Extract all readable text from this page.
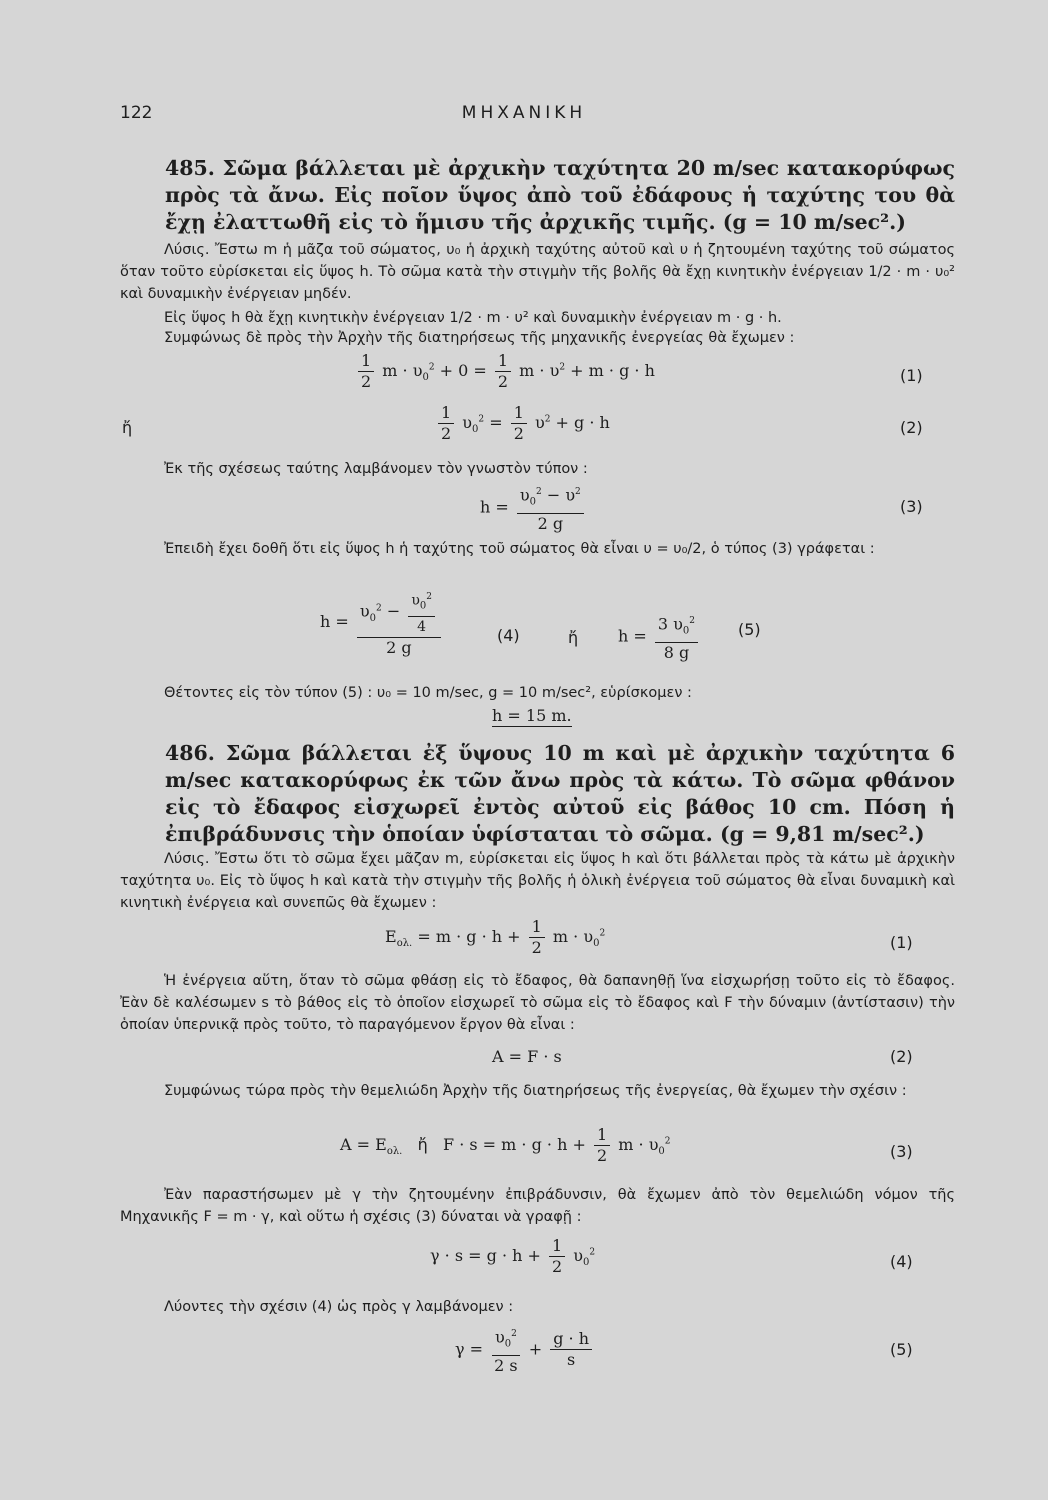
122	ΜΗΧΑΝΙΚΗ
485. Σῶμα βάλλεται μὲ ἀρχικὴν ταχύτητα 20 m/sec κατακορύφως πρὸς τὰ ἄνω. Εἰς ποῖον ὕψος ἀπὸ τοῦ ἐδάφους ἡ ταχύτης του θὰ ἔχῃ ἐλαττωθῆ εἰς τὸ ἥμισυ τῆς ἀρχικῆς τιμῆς. (g = 10 m/sec².)
Λύσις. Ἔστω m ἡ μᾶζα τοῦ σώματος, υ₀ ἡ ἀρχικὴ ταχύτης αὐτοῦ καὶ υ ἡ ζητουμένη ταχύτης τοῦ σώματος ὅταν τοῦτο εὑρίσκεται εἰς ὕψος h. Τὸ σῶμα κατὰ τὴν στιγμὴν τῆς βολῆς θὰ ἔχῃ κινητικὴν ἐνέργειαν 1/2 · m · υ₀² καὶ δυναμικὴν ἐνέργειαν μηδέν.
Εἰς ὕψος h θὰ ἔχῃ κινητικὴν ἐνέργειαν 1/2 · m · υ² καὶ δυναμικὴν ἐνέργειαν m · g · h.
Συμφώνως δὲ πρὸς τὴν Ἀρχὴν τῆς διατηρήσεως τῆς μηχανικῆς ἐνεργείας θὰ ἔχωμεν :
$\frac{1}{2}$ $m \cdot \upsilon_0^2 + 0 = \frac{1}{2}$ $m \cdot \upsilon^2 + m \cdot g \cdot h$	(1)
ἤ	$\frac{1}{2} \upsilon_0^2 = \frac{1}{2} \upsilon^2 + g \cdot h$	(2)
Ἐκ τῆς σχέσεως ταύτης λαμβάνομεν τὸν γνωστὸν τύπον :
$h = \frac{\upsilon_0^2 - \upsilon^2}{2 g}$	(3)
Ἐπειδὴ ἔχει δοθῆ ὅτι εἰς ὕψος h ἡ ταχύτης τοῦ σώματος θὰ εἶναι υ = υ₀/2, ὁ τύπος (3) γράφεται :
$h = \frac{\upsilon_0^2 - \frac{\upsilon_0^2}{4}}{2 g}$	(4)	ἤ $h = \frac{3 \upsilon_0^2}{8 g}$	(5)
Θέτοντες εἰς τὸν τύπον (5) : υ₀ = 10 m/sec, g = 10 m/sec², εὑρίσκομεν :
h = 15 m.
486. Σῶμα βάλλεται ἐξ ὕψους 10 m καὶ μὲ ἀρχικὴν ταχύτητα 6 m/sec κατακορύφως ἐκ τῶν ἄνω πρὸς τὰ κάτω. Τὸ σῶμα φθάνον εἰς τὸ ἔδαφος εἰσχωρεῖ ἐντὸς αὐτοῦ εἰς βάθος 10 cm. Πόση ἡ ἐπιβράδυνσις τὴν ὁποίαν ὑφίσταται τὸ σῶμα. (g = 9,81 m/sec².)
Λύσις. Ἔστω ὅτι τὸ σῶμα ἔχει μᾶζαν m, εὑρίσκεται εἰς ὕψος h καὶ ὅτι βάλλεται πρὸς τὰ κάτω μὲ ἀρχικὴν ταχύτητα υ₀. Εἰς τὸ ὕψος h καὶ κατὰ τὴν στιγμὴν τῆς βολῆς ἡ ὁλικὴ ἐνέργεια τοῦ σώματος θὰ εἶναι δυναμικὴ καὶ κινητικὴ ἐνέργεια καὶ συνεπῶς θὰ ἔχωμεν :
$E_{o\lambda.} = m \cdot g \cdot h + \frac{1}{2}$ $m \cdot \upsilon_0^2$	(1)
Ἡ ἐνέργεια αὕτη, ὅταν τὸ σῶμα φθάσῃ εἰς τὸ ἔδαφος, θὰ δαπανηθῇ ἵνα εἰσχωρήσῃ τοῦτο εἰς τὸ ἔδαφος. Ἐὰν δὲ καλέσωμεν s τὸ βάθος εἰς τὸ ὁποῖον εἰσχωρεῖ τὸ σῶμα εἰς τὸ ἔδαφος καὶ F τὴν δύναμιν (ἀντίστασιν) τὴν ὁποίαν ὑπερνικᾷ πρὸς τοῦτο, τὸ παραγόμενον ἔργον θὰ εἶναι :
A = F · s	(2)
Συμφώνως τώρα πρὸς τὴν θεμελιώδη Ἀρχὴν τῆς διατηρήσεως τῆς ἐνεργείας, θὰ ἔχωμεν τὴν σχέσιν :
$A = E_{o\lambda.}$ ἤ   $F \cdot s = m \cdot g \cdot h + \frac{1}{2}$ $m \cdot \upsilon_0^2$
(3)
Ἐὰν παραστήσωμεν μὲ γ τὴν ζητουμένην ἐπιβράδυνσιν, θὰ ἔχωμεν ἀπὸ τὸν θεμελιώδη νόμον τῆς Μηχανικῆς F = m · γ, καὶ οὕτω ἡ σχέσις (3) δύναται νὰ γραφῇ :
$\gamma \cdot s = g \cdot h + \frac{1}{2} \upsilon_0^2$	(4)
Λύοντες τὴν σχέσιν (4) ὡς πρὸς γ λαμβάνομεν :
$\gamma = \frac{\upsilon_0^2}{2 s} + \frac{g \cdot h}{s}$	(5)
